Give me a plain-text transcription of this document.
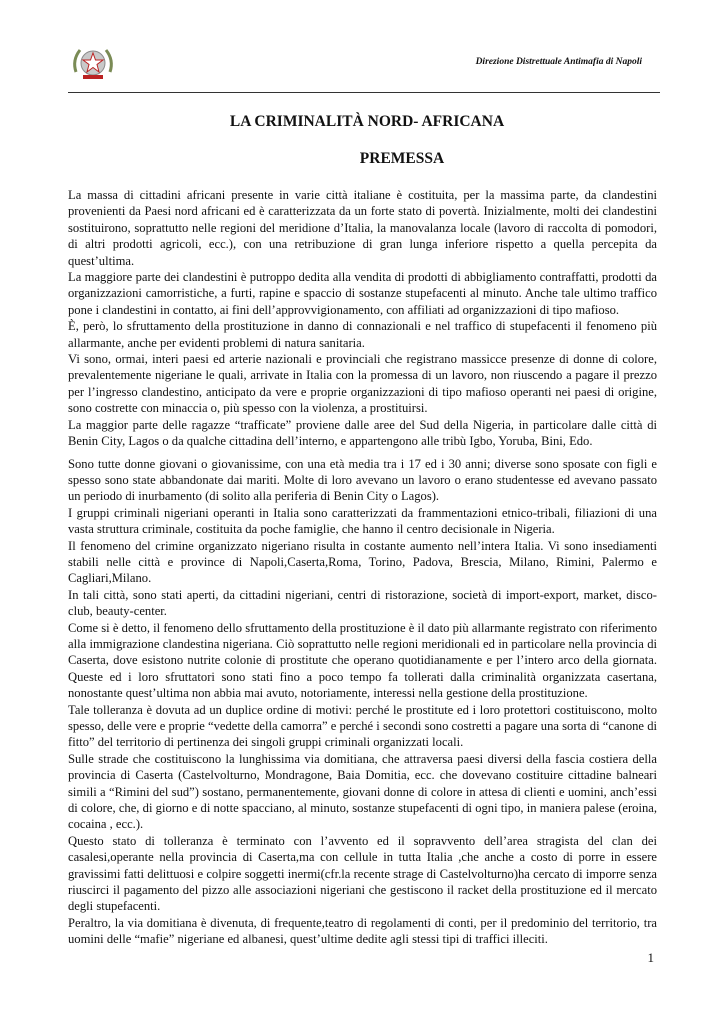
Direzione Distrettuale Antimafia di Napoli
LA CRIMINALITÀ NORD- AFRICANA
PREMESSA

La massa di cittadini africani presente in varie città italiane è costituita, per la massima parte, da clandestini provenienti da Paesi nord africani ed è caratterizzata da un forte stato di povertà. Inizialmente, molti dei clandestini sostituirono, soprattutto nelle regioni del meridione d’Italia, la manovalanza locale (lavoro di raccolta di pomodori, di altri prodotti agricoli, ecc.), con una retribuzione di gran lunga inferiore rispetto a quella percepita da quest’ultima.

La maggiore parte dei clandestini è putroppo dedita alla vendita di prodotti di abbigliamento contraffatti, prodotti da organizzazioni camorristiche, a furti, rapine e spaccio di sostanze stupefacenti al minuto. Anche tale ultimo traffico pone i clandestini in contatto, ai fini dell’approvvigionamento, con affiliati ad organizzazioni di tipo mafioso.

È, però, lo sfruttamento della prostituzione in danno di connazionali e nel traffico di stupefacenti il fenomeno più allarmante, anche per evidenti problemi di natura sanitaria.

Vi sono, ormai, interi paesi ed arterie nazionali e provinciali che registrano massicce presenze di donne di colore, prevalentemente nigeriane le quali, arrivate in Italia con la promessa di un lavoro, non riuscendo a pagare il prezzo per l’ingresso clandestino, anticipato da vere e proprie organizzazioni di tipo mafioso operanti nei paesi di origine, sono costrette con minaccia o, più spesso con la violenza, a prostituirsi.

La maggior parte delle ragazze “trafficate” proviene dalle aree del Sud della Nigeria, in particolare dalle città di Benin City, Lagos o da qualche cittadina dell’interno, e appartengono alle tribù Igbo, Yoruba, Bini, Edo.

Sono tutte donne giovani o giovanissime, con una età media tra i 17 ed i 30 anni; diverse sono sposate con figli e spesso sono state abbandonate dai mariti. Molte di loro avevano un lavoro o erano studentesse ed avevano passato un periodo di inurbamento (di solito alla periferia di Benin City o Lagos).

I gruppi criminali nigeriani operanti in Italia sono caratterizzati da frammentazioni etnico-tribali, filiazioni di una vasta struttura criminale, costituita da poche famiglie, che hanno il centro decisionale in Nigeria.

Il fenomeno del crimine organizzato nigeriano risulta in costante aumento nell’intera Italia. Vi sono insediamenti stabili nelle città e province di Napoli,Caserta,Roma, Torino, Padova, Brescia, Milano, Rimini, Palermo e Cagliari,Milano.

In tali città, sono stati aperti, da cittadini nigeriani, centri di ristorazione, società di import-export, market, disco-club, beauty-center.

Come si è detto, il fenomeno dello sfruttamento della prostituzione è il dato più allarmante registrato con riferimento alla immigrazione clandestina nigeriana. Ciò soprattutto nelle regioni meridionali ed in particolare nella provincia di Caserta, dove esistono nutrite colonie di prostitute che operano quotidianamente e per l’intero arco della giornata. Queste ed i loro sfruttatori sono stati fino a poco tempo fa tollerati dalla criminalità organizzata casertana, nonostante quest’ultima non abbia mai avuto, notoriamente, interessi nella gestione della prostituzione.

Tale tolleranza è dovuta ad un duplice ordine di motivi: perché le prostitute ed i loro protettori costituiscono, molto spesso, delle vere e proprie “vedette della camorra” e perché i secondi sono costretti a pagare una sorta di “canone di fitto” del territorio di pertinenza dei singoli gruppi criminali organizzati locali.

Sulle strade che costituiscono la lunghissima via domitiana, che attraversa paesi diversi della fascia costiera della provincia di Caserta (Castelvolturno, Mondragone, Baia Domitia, ecc. che dovevano costituire cittadine balneari simili a “Rimini del sud”) sostano, permanentemente, giovani donne di colore in attesa di clienti e uomini, anch’essi di colore, che, di giorno e di notte spacciano, al minuto, sostanze stupefacenti di ogni tipo, in maniera palese (eroina, cocaina , ecc.).

Questo stato di tolleranza è terminato con l’avvento ed il sopravvento dell’area stragista del clan dei casalesi,operante nella provincia di Caserta,ma con cellule in tutta Italia ,che anche a costo di porre in essere gravissimi fatti delittuosi e colpire soggetti inermi(cfr.la recente strage di Castelvolturno)ha cercato di imporre senza riuscirci il pagamento del pizzo alle associazioni nigeriani che gestiscono il racket della prostituzione ed il mercato degli stupefacenti.

Peraltro, la via domitiana è divenuta, di frequente,teatro di regolamenti di conti, per il predominio del territorio, tra uomini delle “mafie” nigeriane ed albanesi, quest’ultime dedite agli stessi tipi di traffici illeciti.

1
